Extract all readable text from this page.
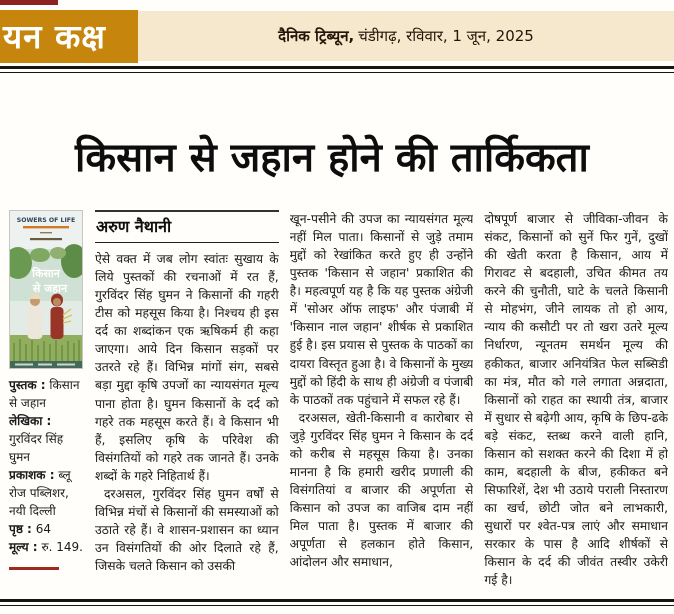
यन कक्ष	दैनिक ट्रिब्यून, चंडीगढ़, रविवार, 1 जून, 2025
किसान से जहान होने की तार्किकता
SOWERS OF LIFE
किसान
से जहान
पुस्तक : किसान से जहान
लेखिका : गुरविंदर सिंह घुमन
प्रकाशक : ब्लू रोज पब्लिशर, नयी दिल्ली
पृष्ठ : 64
मूल्य : रु. 149.
अरुण नैथानी

ऐसे वक्त में जब लोग स्वांतः सुखाय के लिये पुस्तकों की रचनाओं में रत हैं, गुरविंदर सिंह घुमन ने किसानों की गहरी टीस को महसूस किया है। निश्चय ही इस दर्द का शब्दांकन एक ऋषिकर्म ही कहा जाएगा। आये दिन किसान सड़कों पर उतरते रहे हैं। विभिन्न मांगों संग, सबसे बड़ा मुद्दा कृषि उपजों का न्यायसंगत मूल्य पाना होता है। घुमन किसानों के दर्द को गहरे तक महसूस करते हैं। वे किसान भी हैं, इसलिए कृषि के परिवेश की विसंगतियों को गहरे तक जानते हैं। उनके शब्दों के गहरे निहितार्थ हैं।

दरअसल, गुरविंदर सिंह घुमन वर्षों से विभिन्न मंचों से किसानों की समस्याओं को उठाते रहे हैं। वे शासन-प्रशासन का ध्यान उन विसंगतियों की ओर दिलाते रहे हैं, जिसके चलते किसान को उसकी

खून-पसीने की उपज का न्यायसंगत मूल्य नहीं मिल पाता। किसानों से जुड़े तमाम मुद्दों को रेखांकित करते हुए ही उन्होंने पुस्तक 'किसान से जहान' प्रकाशित की है। महत्वपूर्ण यह है कि यह पुस्तक अंग्रेजी में 'सोअर ऑफ लाइफ' और पंजाबी में 'किसान नाल जहान' शीर्षक से प्रकाशित हुई है। इस प्रयास से पुस्तक के पाठकों का दायरा विस्तृत हुआ है। वे किसानों के मुख्य मुद्दों को हिंदी के साथ ही अंग्रेजी व पंजाबी के पाठकों तक पहुंचाने में सफल रहे हैं।

दरअसल, खेती-किसानी व कारोबार से जुड़े गुरविंदर सिंह घुमन ने किसान के दर्द को करीब से महसूस किया है। उनका मानना है कि हमारी खरीद प्रणाली की विसंगतियां व बाजार की अपूर्णता से किसान को उपज का वाजिब दाम नहीं मिल पाता है। पुस्तक में बाजार की अपूर्णता से हलकान होते किसान, आंदोलन और समाधान,

दोषपूर्ण बाजार से जीविका-जीवन के संकट, किसानों को सुनें फिर गुनें, दुखों की खेती करता है किसान, आय में गिरावट से बदहाली, उचित कीमत तय करने की चुनौती, घाटे के चलते किसानी से मोहभंग, जीने लायक तो हो आय, न्याय की कसौटी पर तो खरा उतरे मूल्य निर्धारण, न्यूनतम समर्थन मूल्य की हकीकत, बाजार अनियंत्रित फेल सब्सिडी का मंत्र, मौत को गले लगाता अन्नदाता, किसानों को राहत का स्थायी तंत्र, बाजार में सुधार से बढ़ेगी आय, कृषि के छिप-ढके बड़े संकट, स्तब्ध करने वाली हानि, किसान को सशक्त करने की दिशा में हो काम, बदहाली के बीज, हकीकत बने सिफारिशें, देश भी उठाये पराली निस्तारण का खर्च, छोटी जोत बने लाभकारी, सुधारों पर श्वेत-पत्र लाएं और समाधान सरकार के पास है आदि शीर्षकों से किसान के दर्द की जीवंत तस्वीर उकेरी गई है।
